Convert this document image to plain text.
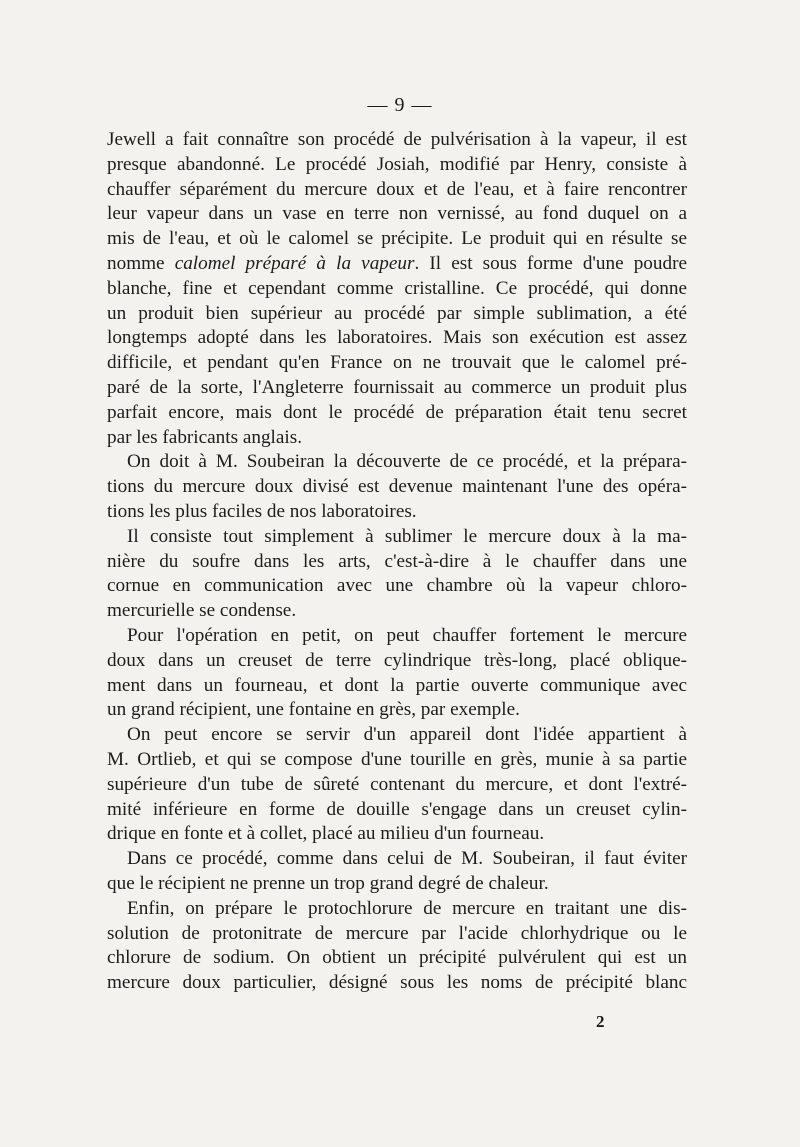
— 9 —
Jewell a fait connaître son procédé de pulvérisation à la vapeur, il est
presque abandonné. Le procédé Josiah, modifié par Henry, consiste à
chauffer séparément du mercure doux et de l'eau, et à faire rencontrer
leur vapeur dans un vase en terre non vernissé, au fond duquel on a
mis de l'eau, et où le calomel se précipite. Le produit qui en résulte se
nomme calomel préparé à la vapeur. Il est sous forme d'une poudre
blanche, fine et cependant comme cristalline. Ce procédé, qui donne
un produit bien supérieur au procédé par simple sublimation, a été
longtemps adopté dans les laboratoires. Mais son exécution est assez
difficile, et pendant qu'en France on ne trouvait que le calomel pré-
paré de la sorte, l'Angleterre fournissait au commerce un produit plus
parfait encore, mais dont le procédé de préparation était tenu secret
par les fabricants anglais.
On doit à M. Soubeiran la découverte de ce procédé, et la prépara-
tions du mercure doux divisé est devenue maintenant l'une des opéra-
tions les plus faciles de nos laboratoires.
Il consiste tout simplement à sublimer le mercure doux à la ma-
nière du soufre dans les arts, c'est-à-dire à le chauffer dans une
cornue en communication avec une chambre où la vapeur chloro-
mercurielle se condense.
Pour l'opération en petit, on peut chauffer fortement le mercure
doux dans un creuset de terre cylindrique très-long, placé oblique-
ment dans un fourneau, et dont la partie ouverte communique avec
un grand récipient, une fontaine en grès, par exemple.
On peut encore se servir d'un appareil dont l'idée appartient à
M. Ortlieb, et qui se compose d'une tourille en grès, munie à sa partie
supérieure d'un tube de sûreté contenant du mercure, et dont l'extré-
mité inférieure en forme de douille s'engage dans un creuset cylin-
drique en fonte et à collet, placé au milieu d'un fourneau.
Dans ce procédé, comme dans celui de M. Soubeiran, il faut éviter
que le récipient ne prenne un trop grand degré de chaleur.
Enfin, on prépare le protochlorure de mercure en traitant une dis-
solution de protonitrate de mercure par l'acide chlorhydrique ou le
chlorure de sodium. On obtient un précipité pulvérulent qui est un
mercure doux particulier, désigné sous les noms de précipité blanc
2
